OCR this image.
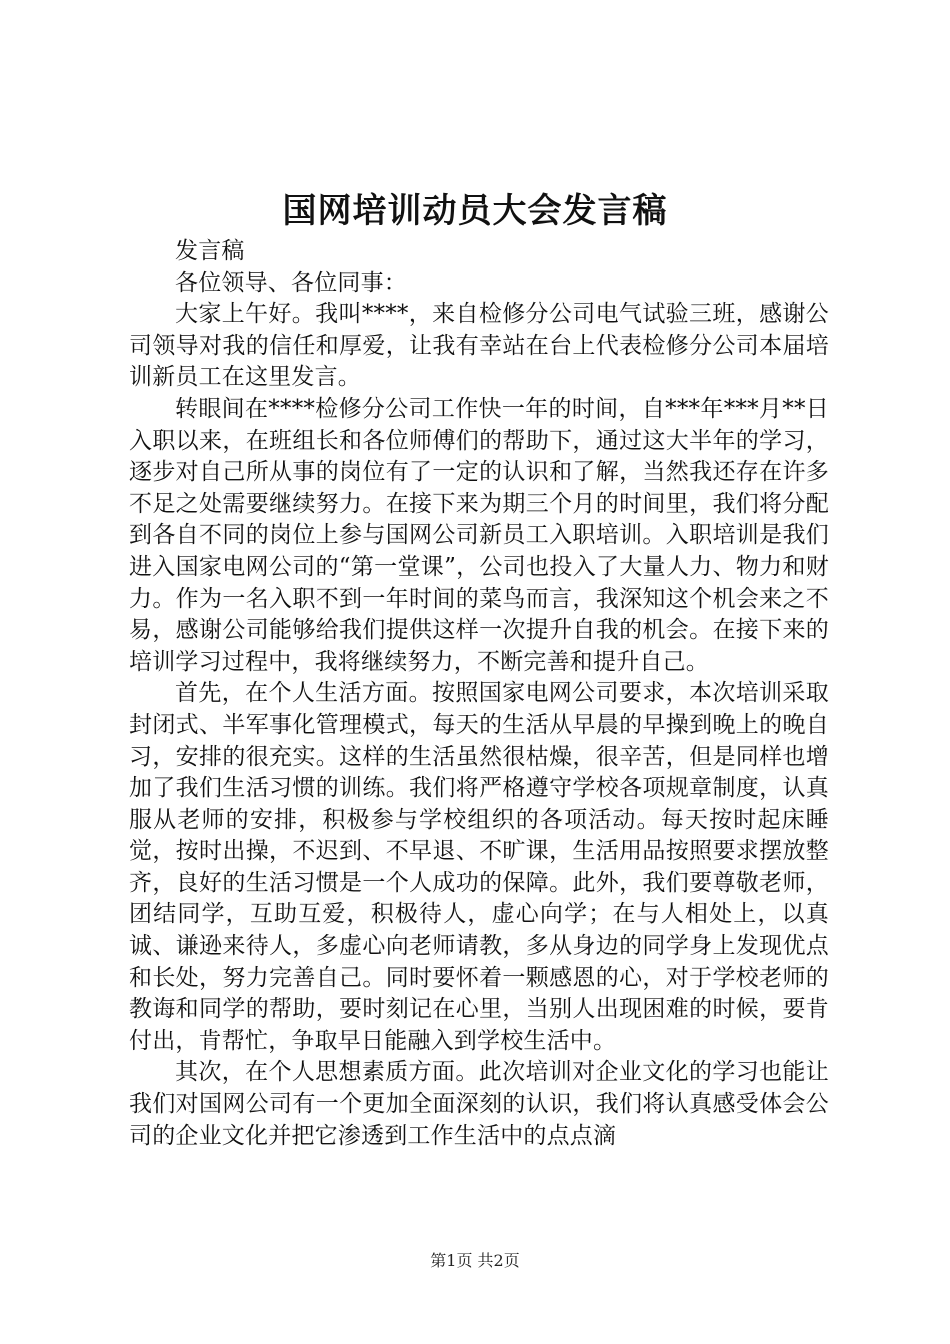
国网培训动员大会发言稿

发言稿

各位领导、各位同事：

大家上午好。我叫****，来自检修分公司电气试验三班，感谢公司领导对我的信任和厚爱，让我有幸站在台上代表检修分公司本届培训新员工在这里发言。

转眼间在****检修分公司工作快一年的时间，自***年***月**日入职以来，在班组长和各位师傅们的帮助下，通过这大半年的学习，逐步对自己所从事的岗位有了一定的认识和了解，当然我还存在许多不足之处需要继续努力。在接下来为期三个月的时间里，我们将分配到各自不同的岗位上参与国网公司新员工入职培训。入职培训是我们进入国家电网公司的“第一堂课”，公司也投入了大量人力、物力和财力。作为一名入职不到一年时间的菜鸟而言，我深知这个机会来之不易，感谢公司能够给我们提供这样一次提升自我的机会。在接下来的培训学习过程中，我将继续努力，不断完善和提升自己。

首先，在个人生活方面。按照国家电网公司要求，本次培训采取封闭式、半军事化管理模式，每天的生活从早晨的早操到晚上的晚自习，安排的很充实。这样的生活虽然很枯燥，很辛苦，但是同样也增加了我们生活习惯的训练。我们将严格遵守学校各项规章制度，认真服从老师的安排，积极参与学校组织的各项活动。每天按时起床睡觉，按时出操，不迟到、不早退、不旷课，生活用品按照要求摆放整齐，良好的生活习惯是一个人成功的保障。此外，我们要尊敬老师，团结同学，互助互爱，积极待人，虚心向学；在与人相处上，以真诚、谦逊来待人，多虚心向老师请教，多从身边的同学身上发现优点和长处，努力完善自己。同时要怀着一颗感恩的心，对于学校老师的教诲和同学的帮助，要时刻记在心里，当别人出现困难的时候，要肯付出，肯帮忙，争取早日能融入到学校生活中。

其次，在个人思想素质方面。此次培训对企业文化的学习也能让我们对国网公司有一个更加全面深刻的认识，我们将认真感受体会公司的企业文化并把它渗透到工作生活中的点点滴

第1页 共2页
